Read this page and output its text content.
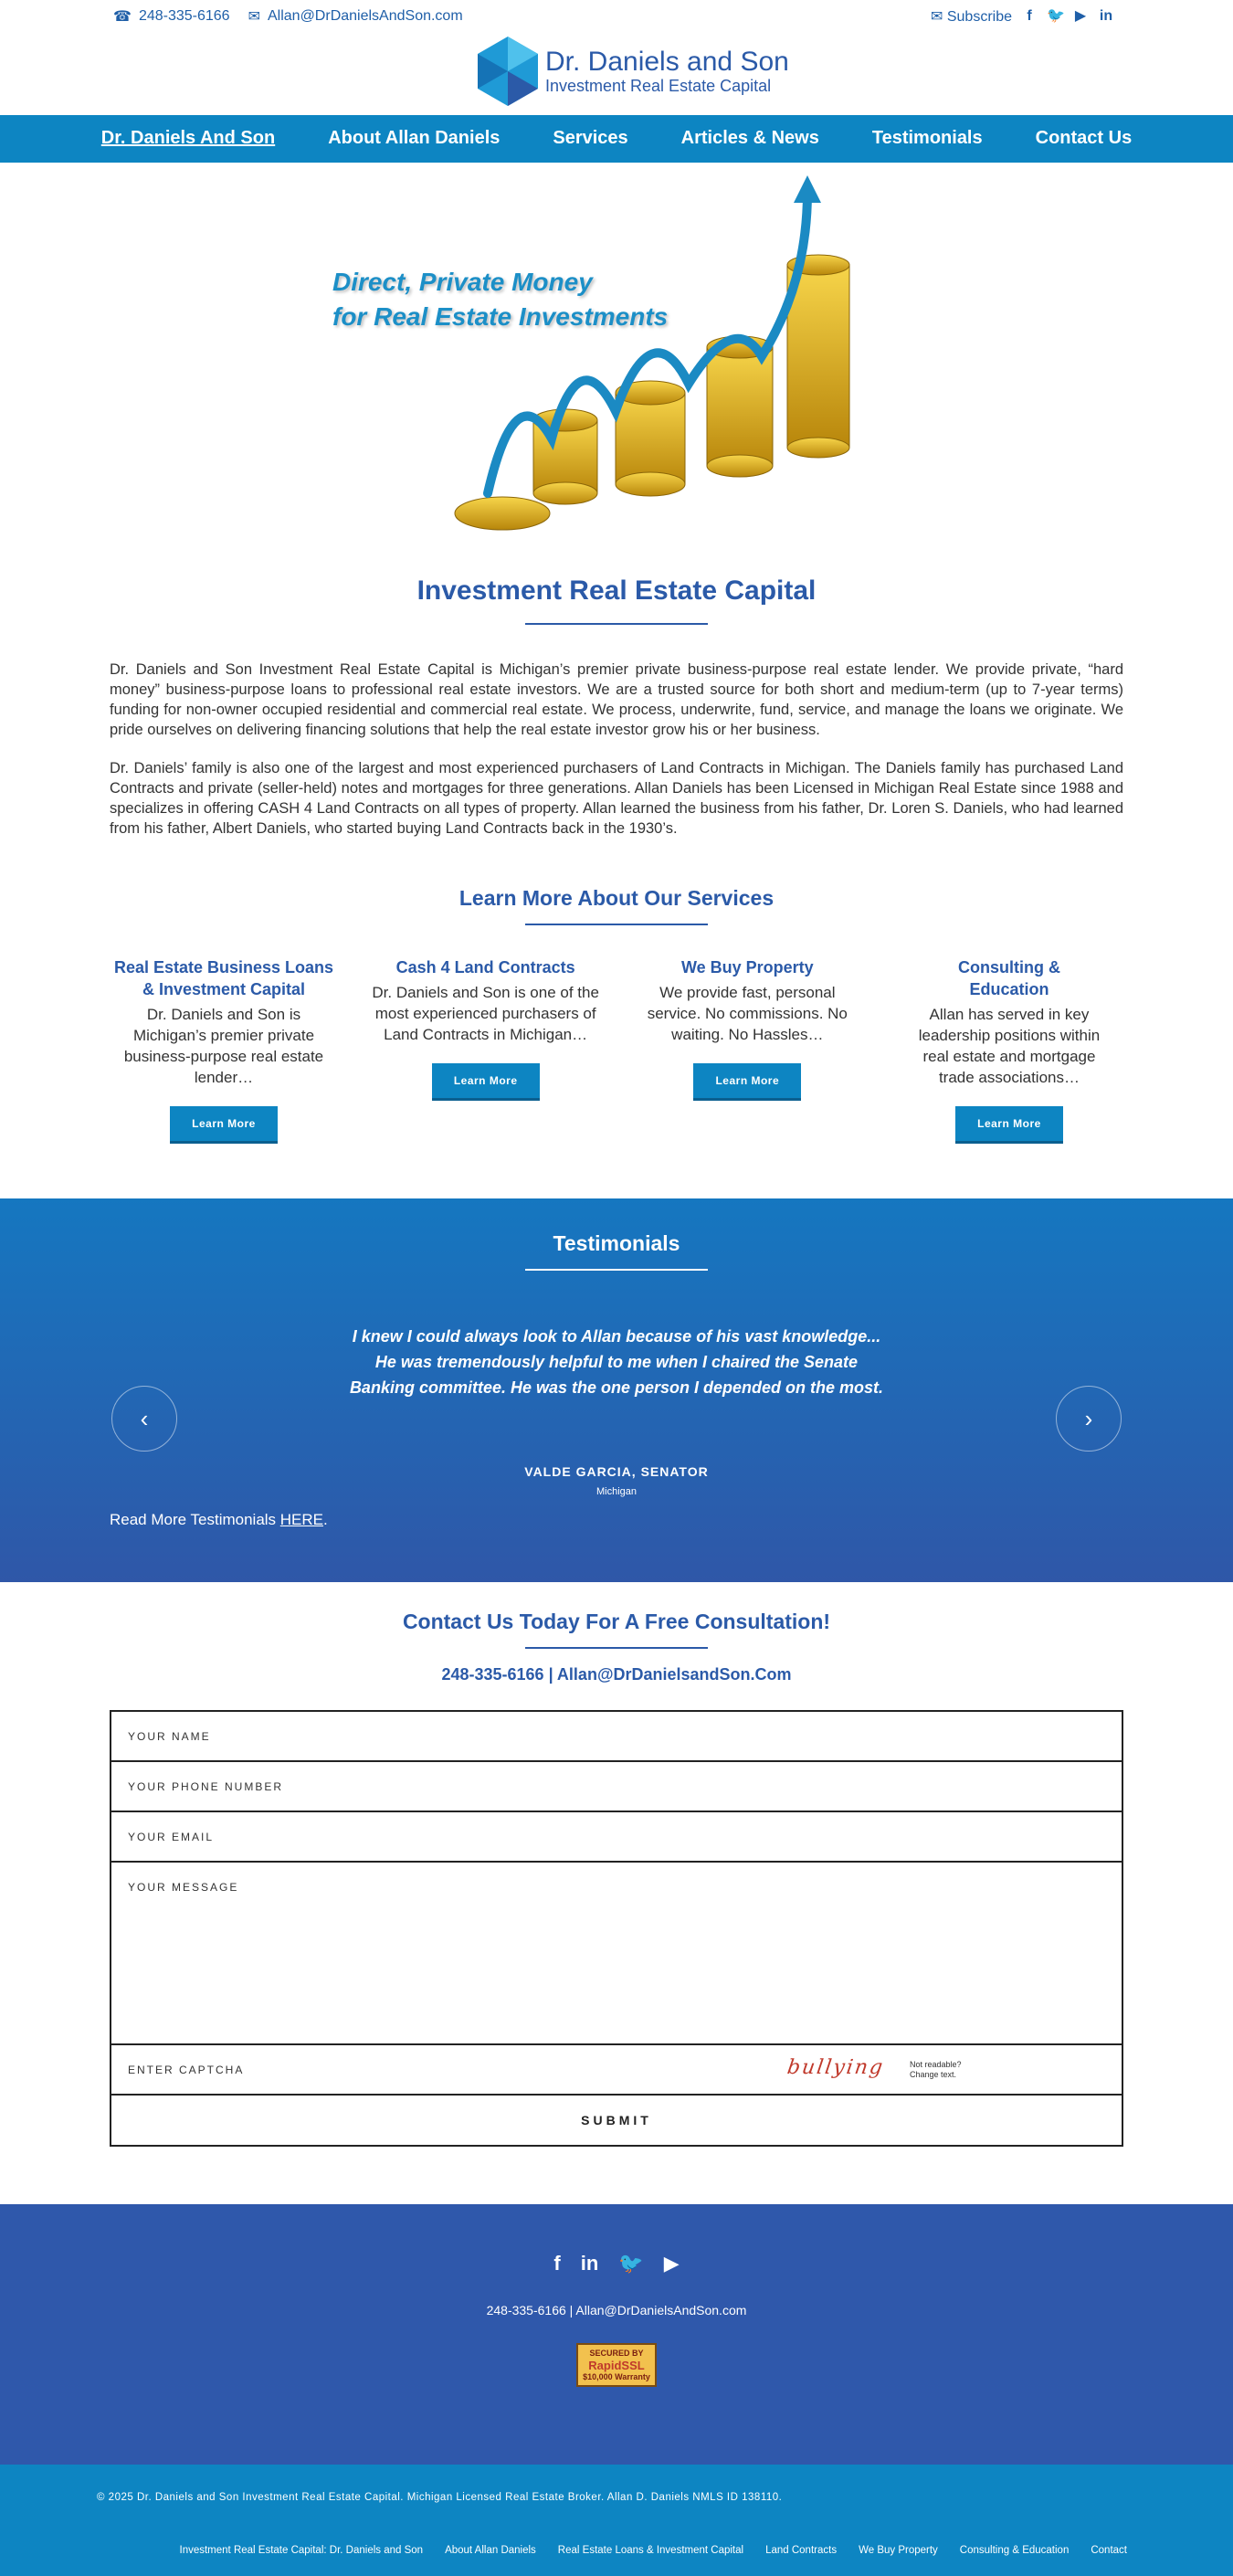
☎ 248-335-6166 ✉ Allan@DrDanielsAndSon.com	✉ Subscribe	f	🐦 ▶ in
Dr. Daniels and Son
Investment Real Estate Capital
Dr. Daniels And Son	About Allan Daniels	Services	Articles & News	Testimonials	Contact Us
Direct, Private Money
for Real Estate Investments
Investment Real Estate Capital

Dr. Daniels and Son Investment Real Estate Capital is Michigan’s premier private business-purpose real estate lender. We provide private, “hard money” business-purpose loans to professional real estate investors. We are a trusted source for both short and medium-term (up to 7-year terms) funding for non-owner occupied residential and commercial real estate. We process, underwrite, fund, service, and manage the loans we originate. We pride ourselves on delivering financing solutions that help the real estate investor grow his or her business.

Dr. Daniels’ family is also one of the largest and most experienced purchasers of Land Contracts in Michigan. The Daniels family has purchased Land Contracts and private (seller-held) notes and mortgages for three generations. Allan Daniels has been Licensed in Michigan Real Estate since 1988 and specializes in offering CASH 4 Land Contracts on all types of property. Allan learned the business from his father, Dr. Loren S. Daniels, who had learned from his father, Albert Daniels, who started buying Land Contracts back in the 1930’s.

Learn More About Our Services
Real Estate Business Loans & Investment Capital

Dr. Daniels and Son is Michigan’s premier private business-purpose real estate lender…

Learn More
Cash 4 Land Contracts

Dr. Daniels and Son is one of the most experienced purchasers of Land Contracts in Michigan…

Learn More
We Buy Property

We provide fast, personal service. No commissions. No waiting. No Hassles…

Learn More
Consulting & Education

Allan has served in key leadership positions within real estate and mortgage trade associations…

Learn More
Testimonials
‹	›
I knew I could always look to Allan because of his vast knowledge... He was tremendously helpful to me when I chaired the Senate Banking committee. He was the one person I depended on the most.
VALDE GARCIA, SENATOR
Michigan
Read More Testimonials HERE.
Contact Us Today For A Free Consultation!
248-335-6166 | Allan@DrDanielsandSon.Com
YOUR NAME
YOUR PHONE NUMBER
YOUR EMAIL
YOUR MESSAGE
ENTER CAPTCHA	bullying	Not readable?
Change text.
SUBMIT
f in 🐦 ▶
248-335-6166 | Allan@DrDanielsAndSon.com
SECURED BY
RapidSSL
$10,000 Warranty
© 2025 Dr. Daniels and Son Investment Real Estate Capital. Michigan Licensed Real Estate Broker. Allan D. Daniels NMLS ID 138110.
Investment Real Estate Capital: Dr. Daniels and Son About Allan Daniels Real Estate Loans & Investment Capital Land Contracts We Buy Property Consulting & Education Contact
